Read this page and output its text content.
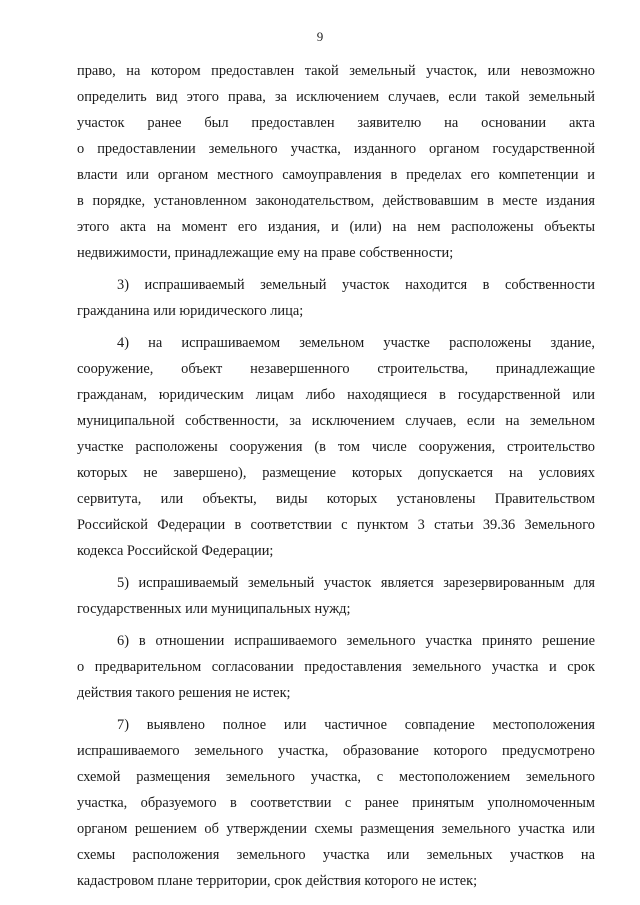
9
право, на котором предоставлен такой земельный участок, или невозможно
определить вид этого права, за исключением случаев, если такой земельный
участок ранее был предоставлен заявителю на основании акта
о предоставлении земельного участка, изданного органом государственной
власти или органом местного самоуправления в пределах его компетенции и
в порядке, установленном законодательством, действовавшим в месте издания
этого акта на момент его издания, и (или) на нем расположены объекты
недвижимости, принадлежащие ему на праве собственности;
3) испрашиваемый земельный участок находится в собственности
гражданина или юридического лица;
4) на испрашиваемом земельном участке расположены здание,
сооружение, объект незавершенного строительства, принадлежащие
гражданам, юридическим лицам либо находящиеся в государственной или
муниципальной собственности, за исключением случаев, если на земельном
участке расположены сооружения (в том числе сооружения, строительство
которых не завершено), размещение которых допускается на условиях
сервитута, или объекты, виды которых установлены Правительством
Российской Федерации в соответствии с пунктом 3 статьи 39.36 Земельного
кодекса Российской Федерации;
5) испрашиваемый земельный участок является зарезервированным для
государственных или муниципальных нужд;
6) в отношении испрашиваемого земельного участка принято решение
о предварительном согласовании предоставления земельного участка и срок
действия такого решения не истек;
7) выявлено полное или частичное совпадение местоположения
испрашиваемого земельного участка, образование которого предусмотрено
схемой размещения земельного участка, с местоположением земельного
участка, образуемого в соответствии с ранее принятым уполномоченным
органом решением об утверждении схемы размещения земельного участка или
схемы расположения земельного участка или земельных участков на
кадастровом плане территории, срок действия которого не истек;
